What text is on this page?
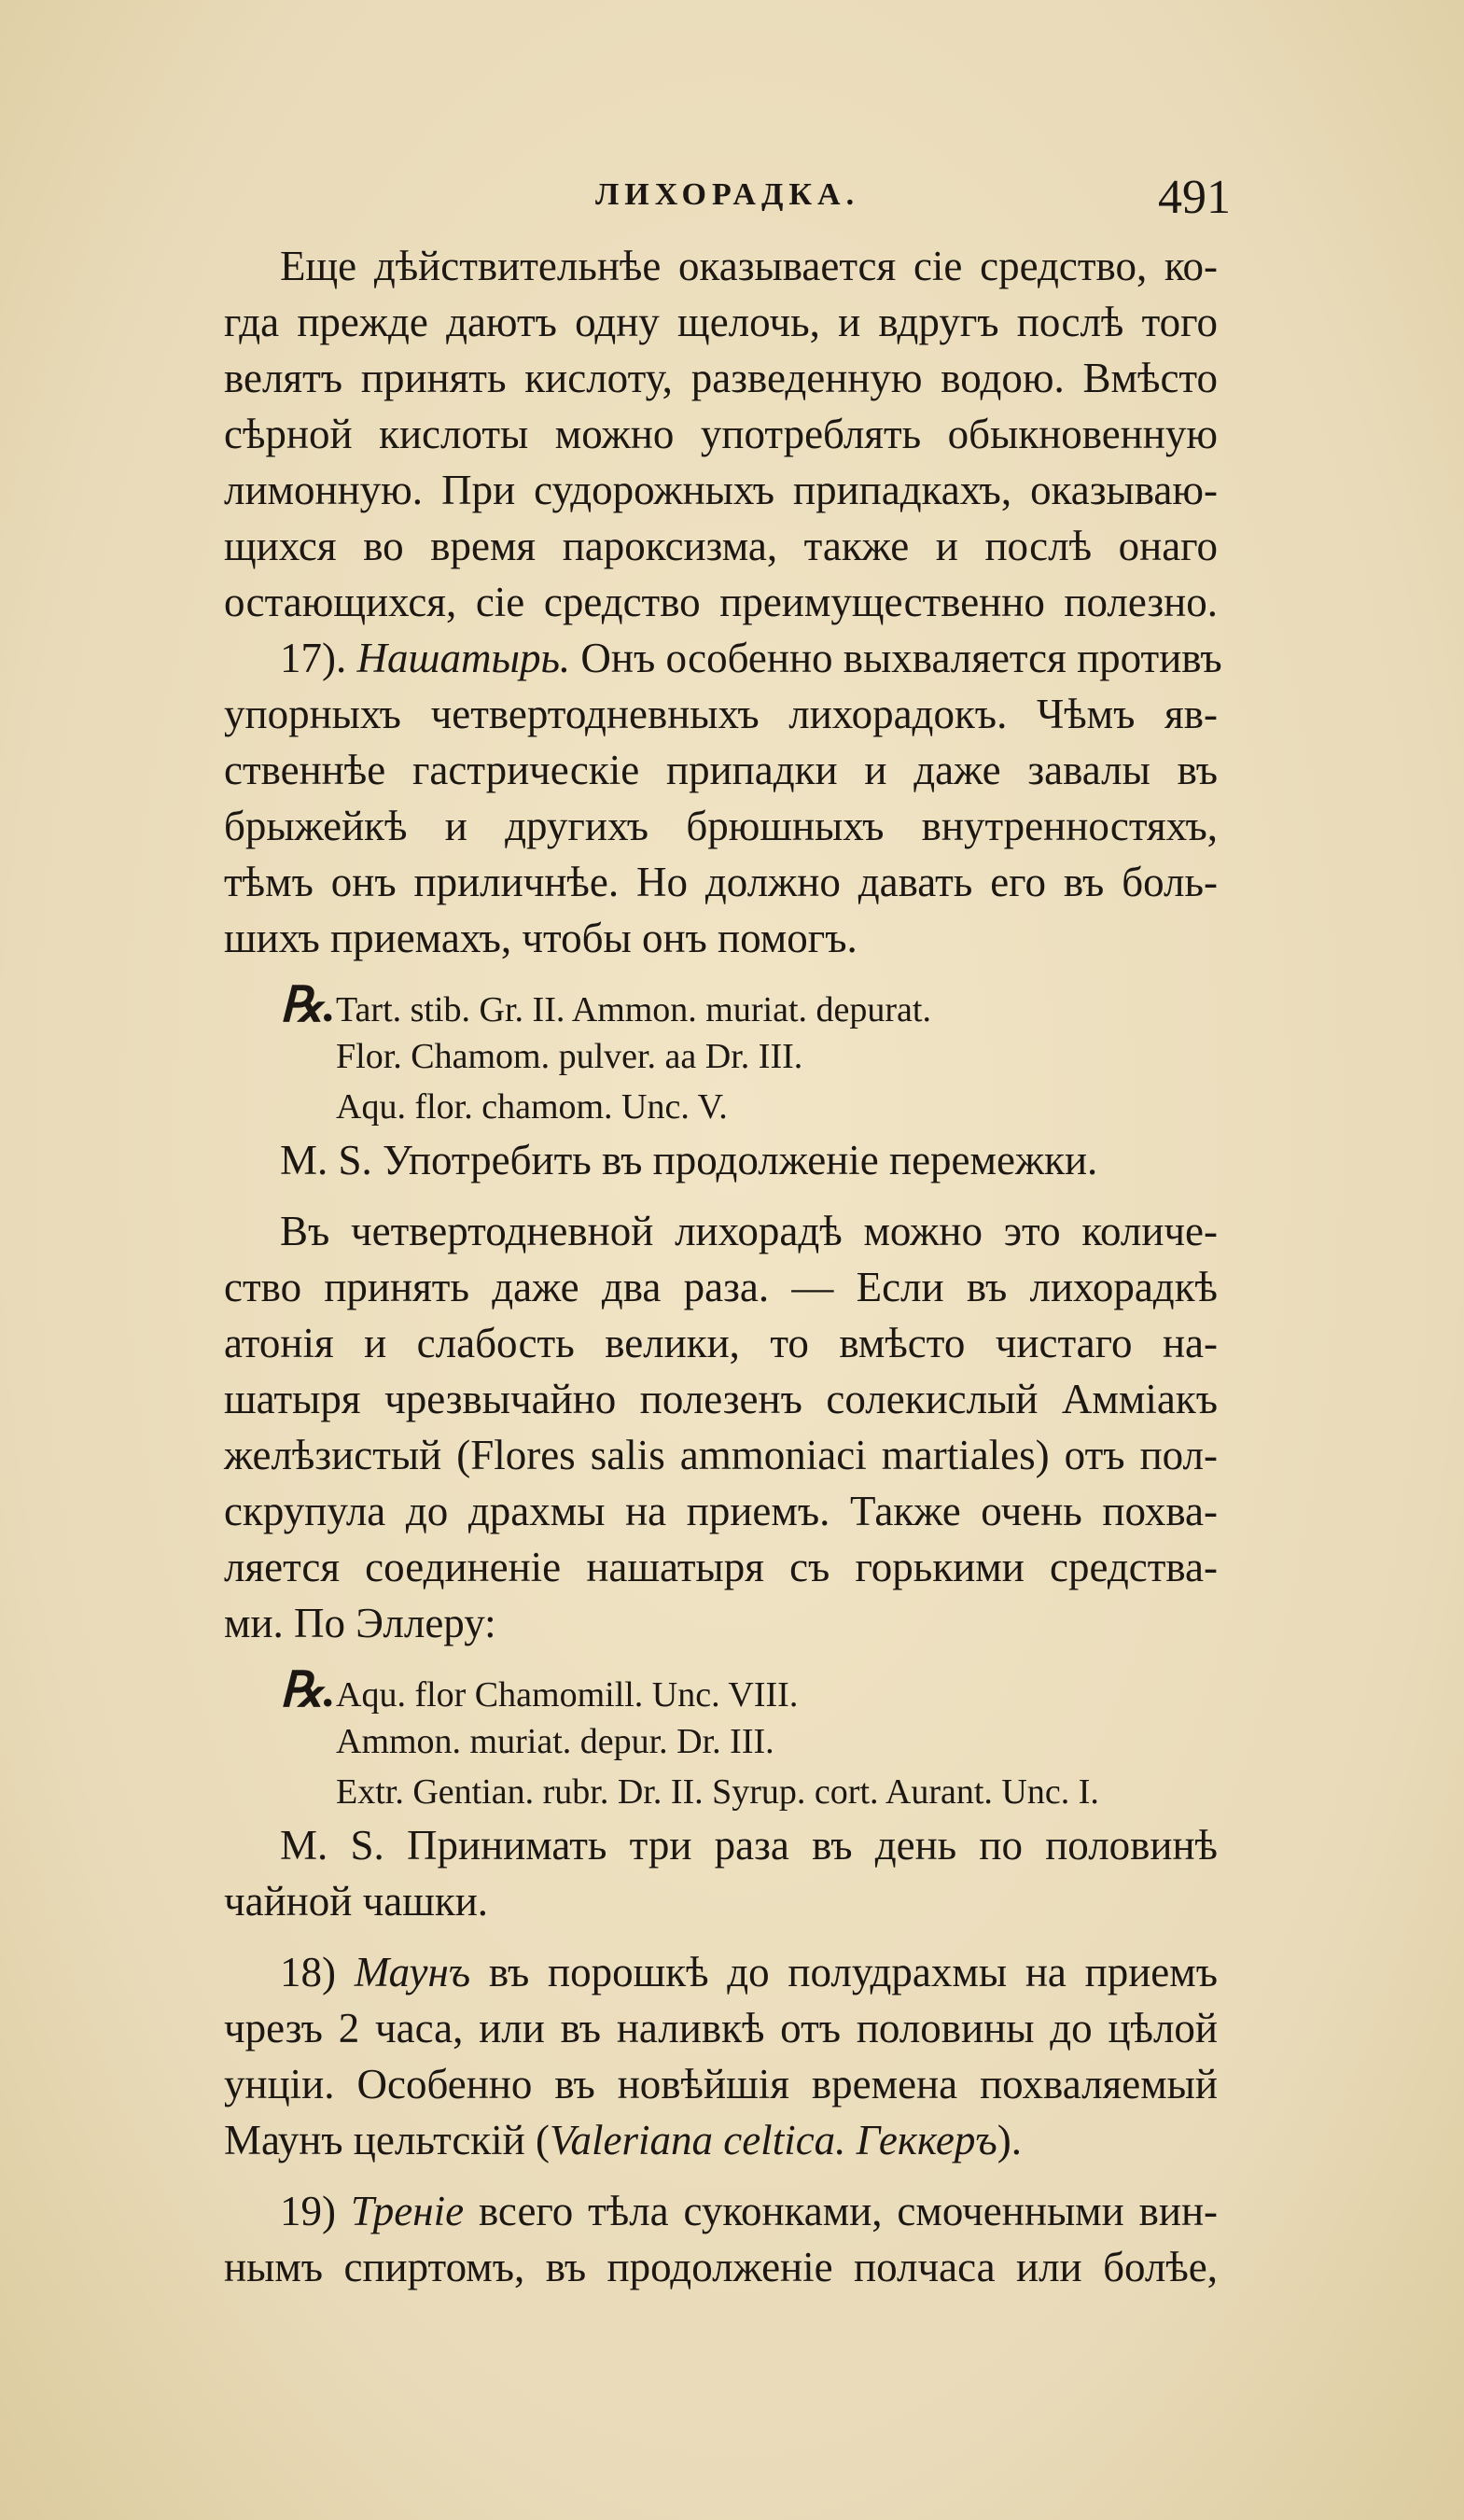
ЛИХОРАДКА.	491
Еще дѣйствительнѣе оказывается сіе средство, ко-
гда прежде даютъ одну щелочь, и вдругъ послѣ того
велятъ принять кислоту, разведенную водою. Вмѣсто
сѣрной кислоты можно употреблять обыкновенную
лимонную. При судорожныхъ припадкахъ, оказываю-
щихся во время пароксизма, также и послѣ онаго
остающихся, сіе средство преимущественно полезно.
17). Нашатырь. Онъ особенно выхваляется противъ
упорныхъ четвертодневныхъ лихорадокъ. Чѣмъ яв-
ственнѣе гастрическіе припадки и даже завалы въ
брыжейкѣ и другихъ брюшныхъ внутренностяхъ,
тѣмъ онъ приличнѣе. Но должно давать его въ боль-
шихъ приемахъ, чтобы онъ помогъ.
℞.Tart. stib. Gr. II. Ammon. muriat. depurat.
Flor. Chamom. pulver. aa Dr. III.
Aqu. flor. chamom. Unc. V.
M. S. Употребить въ продолженіе перемежки.
Въ четвертодневной лихорадѣ можно это количе-
ство принять даже два раза. — Если въ лихорадкѣ
атонія и слабость велики, то вмѣсто чистаго на-
шатыря чрезвычайно полезенъ солекислый Амміакъ
желѣзистый (Flores salis ammoniaci martiales) отъ пол-
скрупула до драхмы на приемъ. Также очень похва-
ляется соединеніе нашатыря съ горькими средства-
ми. По Эллеру:
℞.Aqu. flor Chamomill. Unc. VIII.
Ammon. muriat. depur. Dr. III.
Extr. Gentian. rubr. Dr. II. Syrup. cort. Aurant. Unc. I.
M. S. Принимать три раза въ день по половинѣ
чайной чашки.
18) Маунъ въ порошкѣ до полудрахмы на приемъ
чрезъ 2 часа, или въ наливкѣ отъ половины до цѣлой
унціи. Особенно въ новѣйшія времена похваляемый
Маунъ цельтскій (Valeriana celtica. Геккеръ).
19) Треніе всего тѣла суконками, смоченными вин-
нымъ спиртомъ, въ продолженіе полчаса или болѣе,
